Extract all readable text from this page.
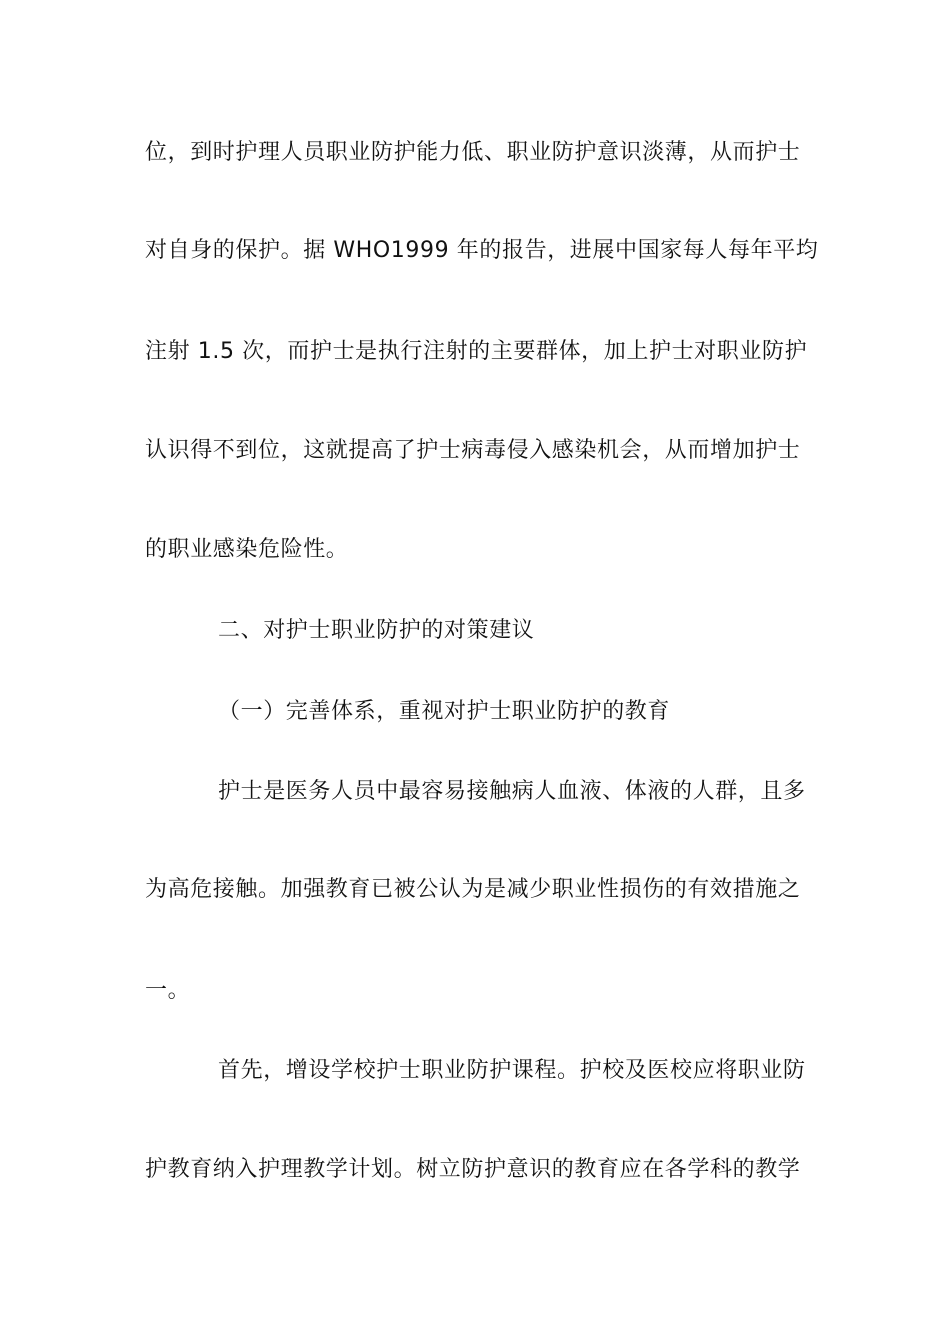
位，到时护理人员职业防护能力低、职业防护意识淡薄，从而护士
对自身的保护。据 WHO1999 年的报告，进展中国家每人每年平均
注射 1.5 次，而护士是执行注射的主要群体，加上护士对职业防护
认识得不到位，这就提高了护士病毒侵入感染机会，从而增加护士
的职业感染危险性。
二、对护士职业防护的对策建议
（一）完善体系，重视对护士职业防护的教育
护士是医务人员中最容易接触病人血液、体液的人群，且多
为高危接触。加强教育已被公认为是减少职业性损伤的有效措施之
一。
首先，增设学校护士职业防护课程。护校及医校应将职业防
护教育纳入护理教学计划。树立防护意识的教育应在各学科的教学
